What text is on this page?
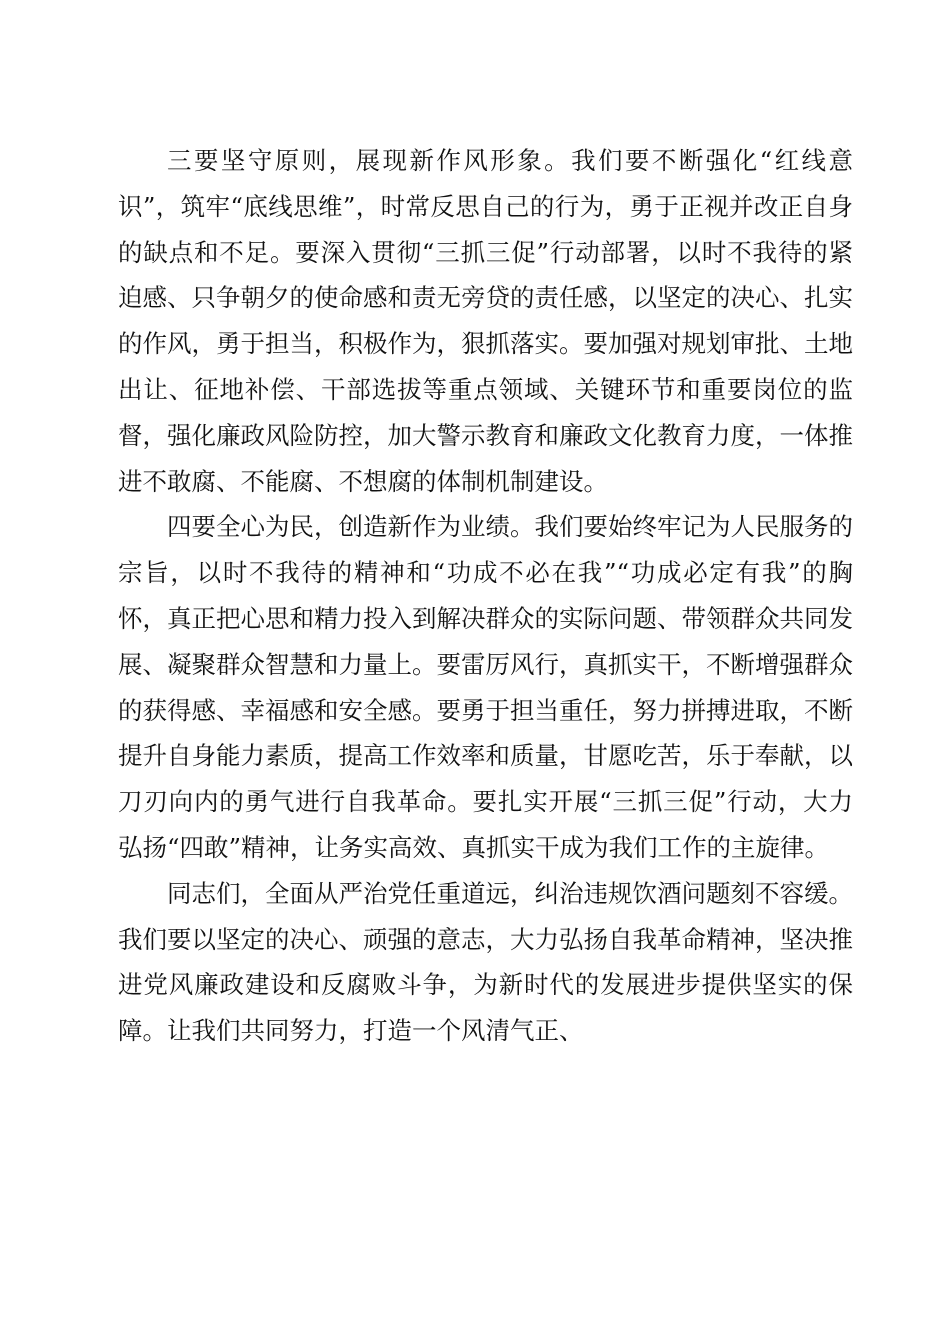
三要坚守原则，展现新作风形象。我们要不断强化“红线意识”，筑牢“底线思维”，时常反思自己的行为，勇于正视并改正自身的缺点和不足。要深入贯彻“三抓三促”行动部署，以时不我待的紧迫感、只争朝夕的使命感和责无旁贷的责任感，以坚定的决心、扎实的作风，勇于担当，积极作为，狠抓落实。要加强对规划审批、土地出让、征地补偿、干部选拔等重点领域、关键环节和重要岗位的监督，强化廉政风险防控，加大警示教育和廉政文化教育力度，一体推进不敢腐、不能腐、不想腐的体制机制建设。

四要全心为民，创造新作为业绩。我们要始终牢记为人民服务的宗旨，以时不我待的精神和“功成不必在我”“功成必定有我”的胸怀，真正把心思和精力投入到解决群众的实际问题、带领群众共同发展、凝聚群众智慧和力量上。要雷厉风行，真抓实干，不断增强群众的获得感、幸福感和安全感。要勇于担当重任，努力拼搏进取，不断提升自身能力素质，提高工作效率和质量，甘愿吃苦，乐于奉献，以刀刃向内的勇气进行自我革命。要扎实开展“三抓三促”行动，大力弘扬“四敢”精神，让务实高效、真抓实干成为我们工作的主旋律。

同志们，全面从严治党任重道远，纠治违规饮酒问题刻不容缓。我们要以坚定的决心、顽强的意志，大力弘扬自我革命精神，坚决推进党风廉政建设和反腐败斗争，为新时代的发展进步提供坚实的保障。让我们共同努力，打造一个风清气正、
